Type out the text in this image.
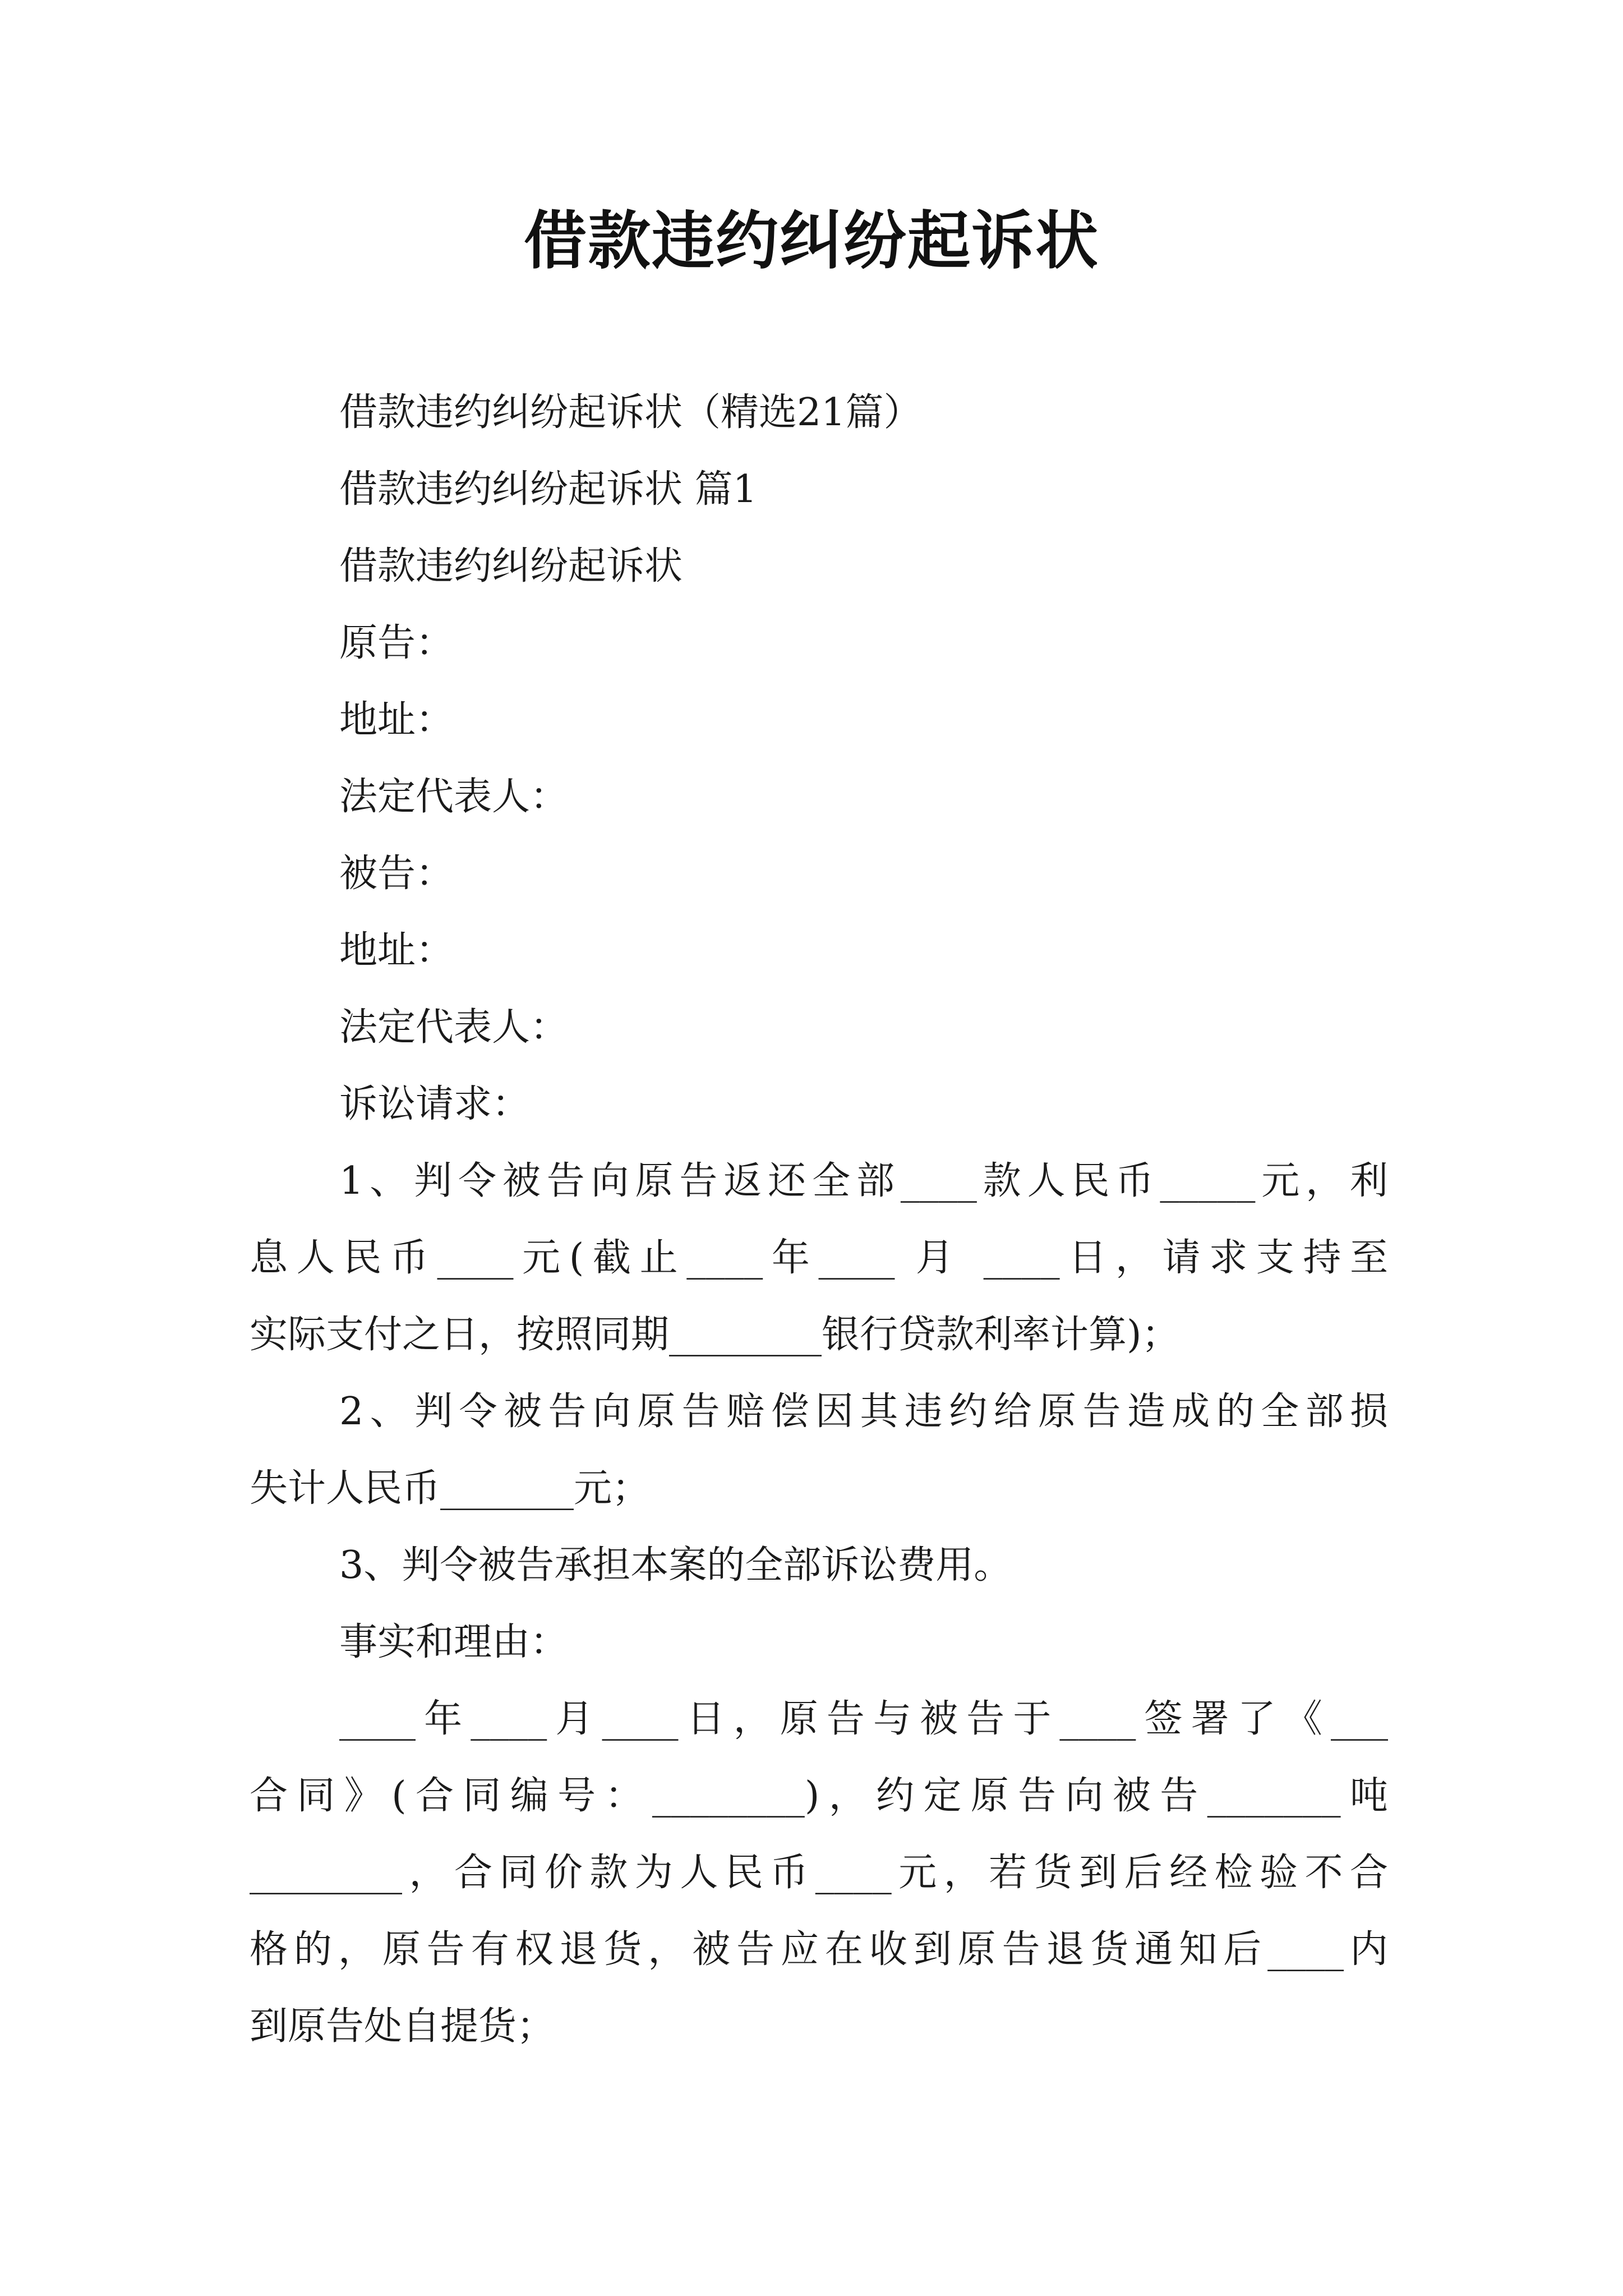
借款违约纠纷起诉状
借款违约纠纷起诉状（精选21篇）
借款违约纠纷起诉状 篇1
借款违约纠纷起诉状
原告：
地址：
法定代表人：
被告：
地址：
法定代表人：
诉讼请求：
1、判令被告向原告返还全部____款人民币_____元，利
息人民币____元(截止____年____ 月 ____日，请求支持至
实际支付之日，按照同期________银行贷款利率计算)；
2、判令被告向原告赔偿因其违约给原告造成的全部损
失计人民币_______元；
3、判令被告承担本案的全部诉讼费用。
事实和理由：
____年____月____日，原告与被告于____签署了《___
合同》(合同编号：________)，约定原告向被告_______吨
________，合同价款为人民币____元，若货到后经检验不合
格的，原告有权退货，被告应在收到原告退货通知后____内
到原告处自提货；
